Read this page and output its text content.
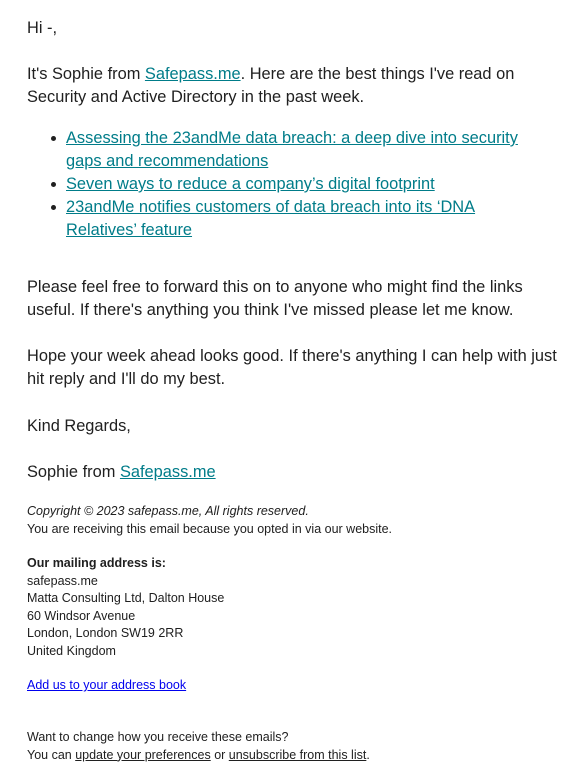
Hi -,

It's Sophie from Safepass.me. Here are the best things I've read on Security and Active Directory in the past week.

Assessing the 23andMe data breach: a deep dive into security gaps and recommendations
Seven ways to reduce a company’s digital footprint
23andMe notifies customers of data breach into its ‘DNA Relatives’ feature

Please feel free to forward this on to anyone who might find the links useful. If there's anything you think I've missed please let me know.

Hope your week ahead looks good. If there's anything I can help with just hit reply and I'll do my best.

Kind Regards,

Sophie from Safepass.me

Copyright © 2023 safepass.me, All rights reserved.

You are receiving this email because you opted in via our website.

Our mailing address is:

safepass.me

Matta Consulting Ltd, Dalton House

60 Windsor Avenue

London, London SW19 2RR

United Kingdom

Add us to your address book

Want to change how you receive these emails?

You can update your preferences or unsubscribe from this list.
